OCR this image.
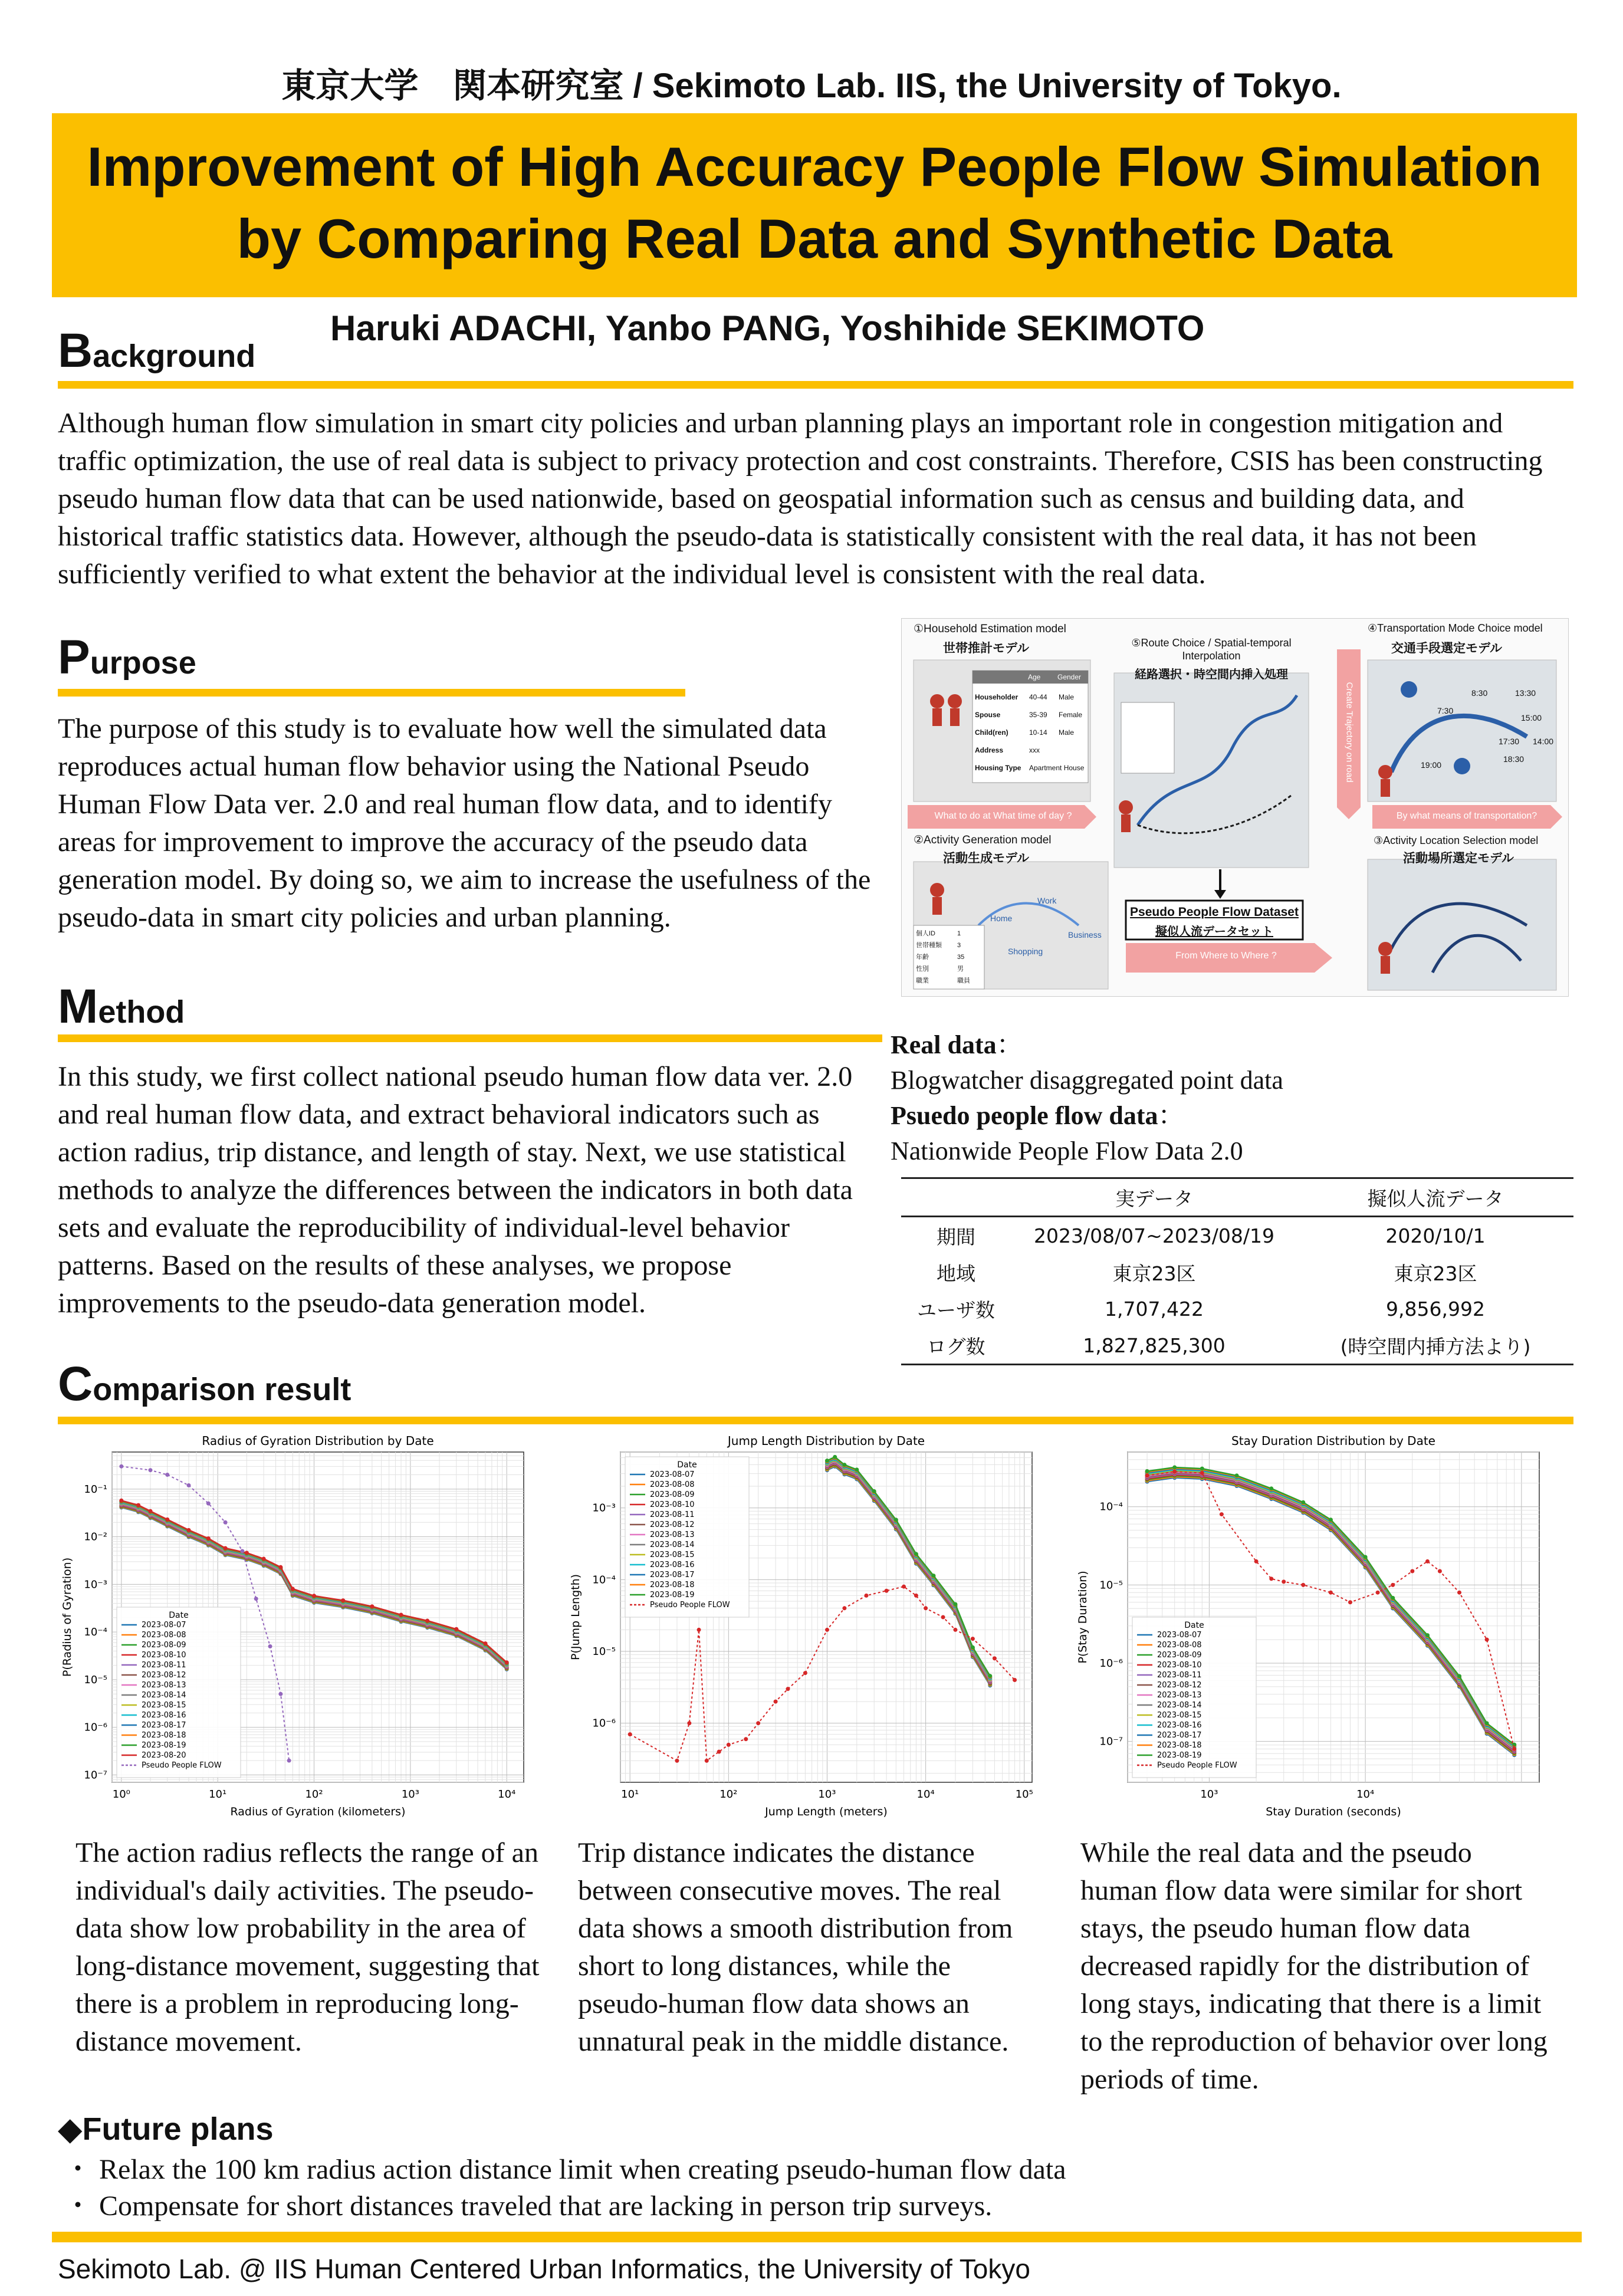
東京大学　関本研究室 / Sekimoto Lab. IIS, the University of Tokyo.
Improvement of High Accuracy People Flow Simulation
by Comparing Real Data and Synthetic Data
Haruki ADACHI, Yanbo PANG, Yoshihide SEKIMOTO
Background
Although human flow simulation in smart city policies and urban planning plays an important role in congestion mitigation and traffic optimization, the use of real data is subject to privacy protection and cost constraints. Therefore, CSIS has been constructing pseudo human flow data that can be used nationwide, based on geospatial information such as census and building data, and historical traffic statistics data. However, although the pseudo-data is statistically consistent with the real data, it has not been sufficiently verified to what extent the behavior at the individual level is consistent with the real data.
Purpose
The purpose of this study is to evaluate how well the simulated data reproduces actual human flow behavior using the National Pseudo Human Flow Data ver. 2.0 and real human flow data, and to identify areas for improvement to improve the accuracy of the pseudo data generation model. By doing so, we aim to increase the usefulness of the pseudo-data in smart city policies and urban planning.
Method
In this study, we first collect national pseudo human flow data ver. 2.0 and real human flow data, and extract behavioral indicators such as action radius, trip distance, and length of stay. Next, we use statistical methods to analyze the differences between the indicators in both data sets and evaluate the reproducibility of individual-level behavior patterns. Based on the results of these analyses, we propose improvements to the pseudo-data generation model.
①Household Estimation model
世帯推計モデル
Age	Gender
Householder	40-44	Male
Spouse	35-39	Female
Child(ren)	10-14	Male
Address	xxx
Housing Type	Apartment House
⑤Route Choice / Spatial-temporal Interpolation
経路選択・時空間内挿入処理
④Transportation Mode Choice model
交通手段選定モデル
②Activity Generation model
活動生成モデル
個人ID	1
世帯種類	3
年齢	35
性別	男
職業	職員
Home
Work
Business
Shopping
③Activity Location Selection model
活動場所選定モデル
What to do at What time of day ?	By what means of transportation?
From Where to Where ?
Create Trajectory on road
Pseudo People Flow Dataset
擬似人流データセット
7:30
8:30	13:30
15:00
17:30
18:30
19:00
14:00
Real data：
Blogwatcher disaggregated point data
Psuedo people flow data：
Nationwide People Flow Data 2.0
	実データ	擬似人流データ
期間	2023/08/07~2023/08/19	2020/10/1
地域	東京23区	東京23区
ユーザ数	1,707,422	9,856,992
ログ数	1,827,825,300	(時空間内挿方法より)
Comparison result
10⁰	10¹	10²	10³	10⁴
10⁻⁷
10⁻⁶
10⁻⁵
10⁻⁴
10⁻³
10⁻²
10⁻¹
Radius of Gyration Distribution by Date
Radius of Gyration (kilometers)
P(Radius of Gyration)	Date
2023-08-07
2023-08-08
2023-08-09
2023-08-10
2023-08-11
2023-08-12
2023-08-13
2023-08-14
2023-08-15
2023-08-16
2023-08-17
2023-08-18
2023-08-19
2023-08-20
Pseudo People FLOW
10¹	10²	10³	10⁴	10⁵
10⁻⁶
10⁻⁵
10⁻⁴
10⁻³
Jump Length Distribution by Date
Jump Length (meters)
P(Jump Length)
Date
2023-08-07
2023-08-08
2023-08-09
2023-08-10
2023-08-11
2023-08-12
2023-08-13
2023-08-14
2023-08-15
2023-08-16
2023-08-17
2023-08-18
2023-08-19
Pseudo People FLOW
10³	10⁴
10⁻⁷
10⁻⁶
10⁻⁵
10⁻⁴
Stay Duration Distribution by Date
Stay Duration (seconds)
P(Stay Duration)	Date
2023-08-07
2023-08-08
2023-08-09
2023-08-10
2023-08-11
2023-08-12
2023-08-13
2023-08-14
2023-08-15
2023-08-16
2023-08-17
2023-08-18
2023-08-19
Pseudo People FLOW
The action radius reflects the range of an individual's daily activities. The pseudo-data show low probability in the area of long-distance movement, suggesting that there is a problem in reproducing long-distance movement.
Trip distance indicates the distance between consecutive moves. The real data shows a smooth distribution from short to long distances, while the pseudo-human flow data shows an unnatural peak in the middle distance.
While the real data and the pseudo human flow data were similar for short stays, the pseudo human flow data decreased rapidly for the distribution of long stays, indicating that there is a limit to the reproduction of behavior over long periods of time.
◆Future plans
・ Relax the 100 km radius action distance limit when creating pseudo-human flow data
・ Compensate for short distances traveled that are lacking in person trip surveys.
Sekimoto Lab. @ IIS Human Centered Urban Informatics, the University of Tokyo
